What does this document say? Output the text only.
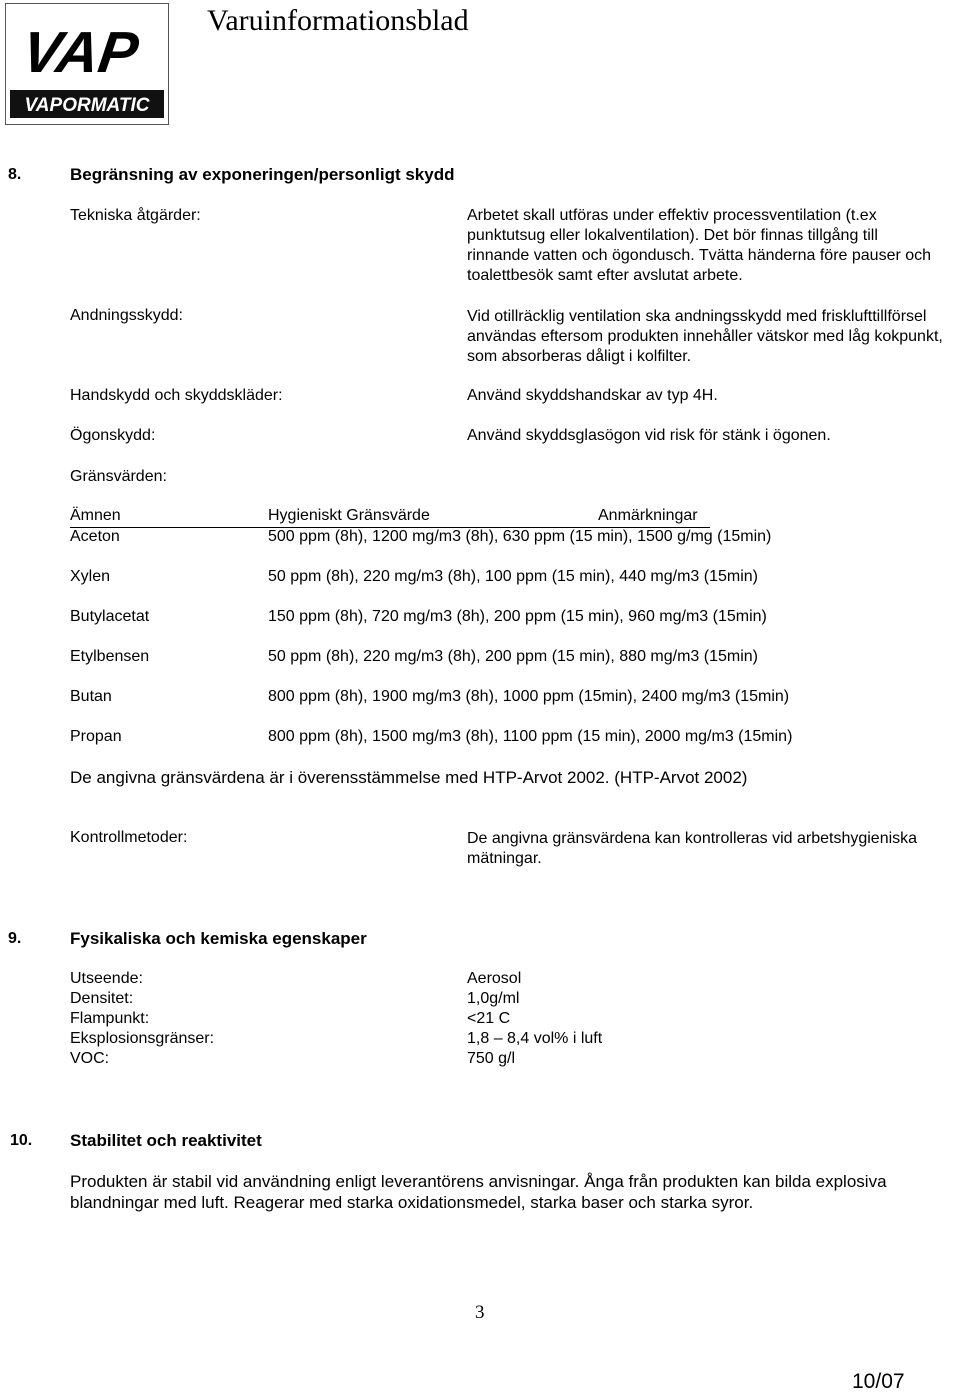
VAP
VAPORMATIC
Varuinformationsblad
8.	Begränsning av exponeringen/personligt skydd
Tekniska åtgärder:	Arbetet skall utföras under effektiv processventilation (t.ex punktutsug eller lokalventilation). Det bör finnas tillgång till rinnande vatten och ögondusch. Tvätta händerna före pauser och toalettbesök samt efter avslutat arbete.
Andningsskydd:	Vid otillräcklig ventilation ska andningsskydd med frisklufttillförsel användas eftersom produkten innehåller vätskor med låg kokpunkt, som absorberas dåligt i kolfilter.
Handskydd och skyddskläder:	Använd skyddshandskar av typ 4H.
Ögonskydd:	Använd skyddsglasögon vid risk för stänk i ögonen.
Gränsvärden:
Ämnen	Hygieniskt Gränsvärde	Anmärkningar
Aceton	500 ppm (8h), 1200 mg/m3 (8h), 630 ppm (15 min), 1500 g/mg (15min)
Xylen	50 ppm (8h), 220 mg/m3 (8h), 100 ppm (15 min), 440 mg/m3 (15min)
Butylacetat	150 ppm (8h), 720 mg/m3 (8h), 200 ppm (15 min), 960 mg/m3 (15min)
Etylbensen	50 ppm (8h), 220 mg/m3 (8h), 200 ppm (15 min), 880 mg/m3 (15min)
Butan	800 ppm (8h), 1900 mg/m3 (8h), 1000 ppm (15min), 2400 mg/m3 (15min)
Propan	800 ppm (8h), 1500 mg/m3 (8h), 1100 ppm (15 min), 2000 mg/m3 (15min)
De angivna gränsvärdena är i överensstämmelse med HTP-Arvot 2002. (HTP-Arvot 2002)
Kontrollmetoder:	De angivna gränsvärdena kan kontrolleras vid arbetshygieniska mätningar.
9.	Fysikaliska och kemiska egenskaper
Utseende:	Aerosol
Densitet:	1,0g/ml
Flampunkt:	<21 C
Eksplosionsgränser:	1,8 – 8,4 vol% i luft
VOC:	750 g/l
10. Stabilitet och reaktivitet
Produkten är stabil vid användning enligt leverantörens anvisningar. Ånga från produkten kan bilda explosiva blandningar med luft. Reagerar med starka oxidationsmedel, starka baser och starka syror.
3
10/07
